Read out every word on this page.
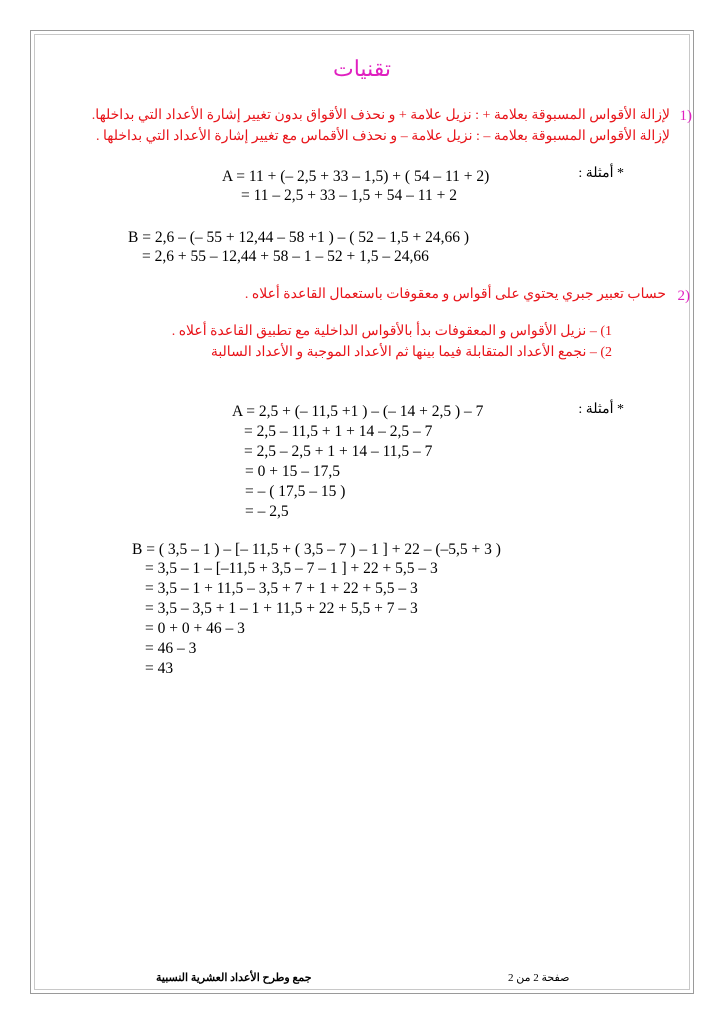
تقنيات
1)
لإزالة الأقواس المسبوقة بعلامة + : نزيل علامة + و نحذف الأقواق بدون تغيير إشارة الأعداد التي بداخلها.
لإزالة الأقواس المسبوقة بعلامة – : نزيل علامة – و نحذف الأقماس مع تغيير إشارة الأعداد التي بداخلها .
* أمثلة :
A = 11 + (– 2,5 + 33 – 1,5) + ( 54 – 11 + 2)
= 11 – 2,5 + 33 – 1,5 + 54 – 11 + 2
B = 2,6 – (– 55 + 12,44 – 58 +1 ) – ( 52 – 1,5 + 24,66 )
= 2,6 + 55 – 12,44 + 58 – 1 – 52 + 1,5 – 24,66
2)
حساب تعبير جبري يحتوي على أقواس و معقوفات باستعمال القاعدة أعلاه .
1) – نزيل الأقواس و المعقوفات بدأ بالأقواس الداخلية مع تطبيق القاعدة أعلاه .
2) – نجمع الأعداد المتقابلة فيما بينها ثم الأعداد الموجبة و الأعداد السالبة
* أمثلة :
A = 2,5 + (– 11,5 +1 ) – (– 14 + 2,5 ) – 7
= 2,5 – 11,5 + 1 + 14 – 2,5 – 7
= 2,5 – 2,5 + 1 + 14 – 11,5 – 7
= 0 + 15 – 17,5
= – ( 17,5 – 15 )
= – 2,5
B = ( 3,5 – 1 ) – [– 11,5 + ( 3,5 – 7 ) – 1 ] + 22 – (–5,5 + 3 )
= 3,5 – 1 – [–11,5 + 3,5 – 7 – 1 ] + 22 + 5,5 – 3
= 3,5 – 1 + 11,5 – 3,5 + 7 + 1 + 22 + 5,5 – 3
= 3,5 – 3,5 + 1 – 1 + 11,5 + 22 + 5,5 + 7 – 3
= 0 + 0 + 46 – 3
= 46 – 3
= 43
جمع وطرح الأعداد العشرية النسبية	صفحة 2 من 2
